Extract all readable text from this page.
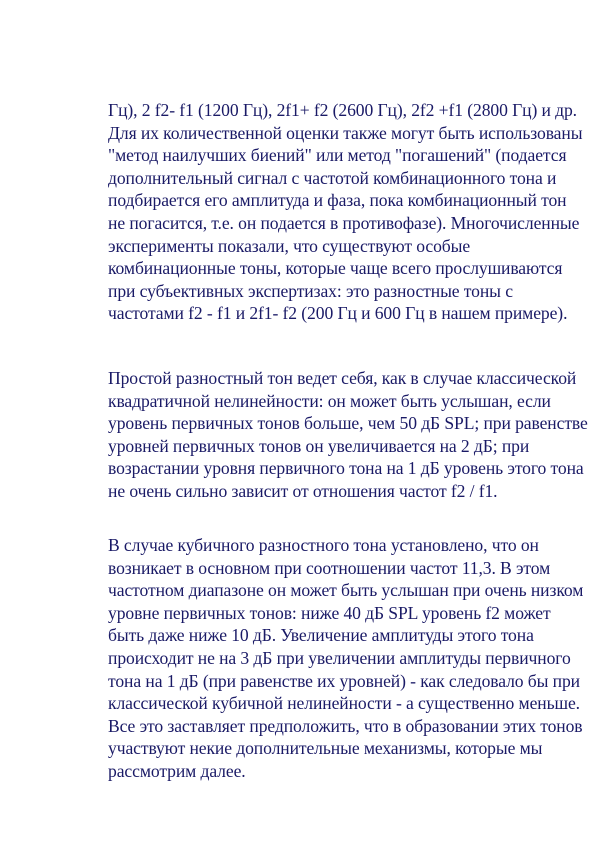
Гц), 2 f2- f1 (1200 Гц), 2f1+ f2 (2600 Гц), 2f2 +f1 (2800 Гц) и др.
Для их количественной оценки также могут быть использованы
"метод наилучших биений" или метод "погашений" (подается
дополнительный сигнал с частотой комбинационного тона и
подбирается его амплитуда и фаза, пока комбинационный тон
не погасится, т.е. он подается в противофазе). Многочисленные
эксперименты показали, что существуют особые
комбинационные тоны, которые чаще всего прослушиваются
при субъективных экспертизах: это разностные тоны с
частотами f2 - f1 и 2f1- f2 (200 Гц и 600 Гц в нашем примере).
Простой разностный тон ведет себя, как в случае классической
квадратичной нелинейности: он может быть услышан, если
уровень первичных тонов больше, чем 50 дБ SPL; при равенстве
уровней первичных тонов он увеличивается на 2 дБ; при
возрастании уровня первичного тона на 1 дБ уровень этого тона
не очень сильно зависит от отношения частот f2 / f1.
В случае кубичного разностного тона установлено, что он
возникает в основном при соотношении частот 11,3. В этом
частотном диапазоне он может быть услышан при очень низком
уровне первичных тонов: ниже 40 дБ SPL уровень f2 может
быть даже ниже 10 дБ. Увеличение амплитуды этого тона
происходит не на 3 дБ при увеличении амплитуды первичного
тона на 1 дБ (при равенстве их уровней) - как следовало бы при
классической кубичной нелинейности - а существенно меньше.
Все это заставляет предположить, что в образовании этих тонов
участвуют некие дополнительные механизмы, которые мы
рассмотрим далее.
